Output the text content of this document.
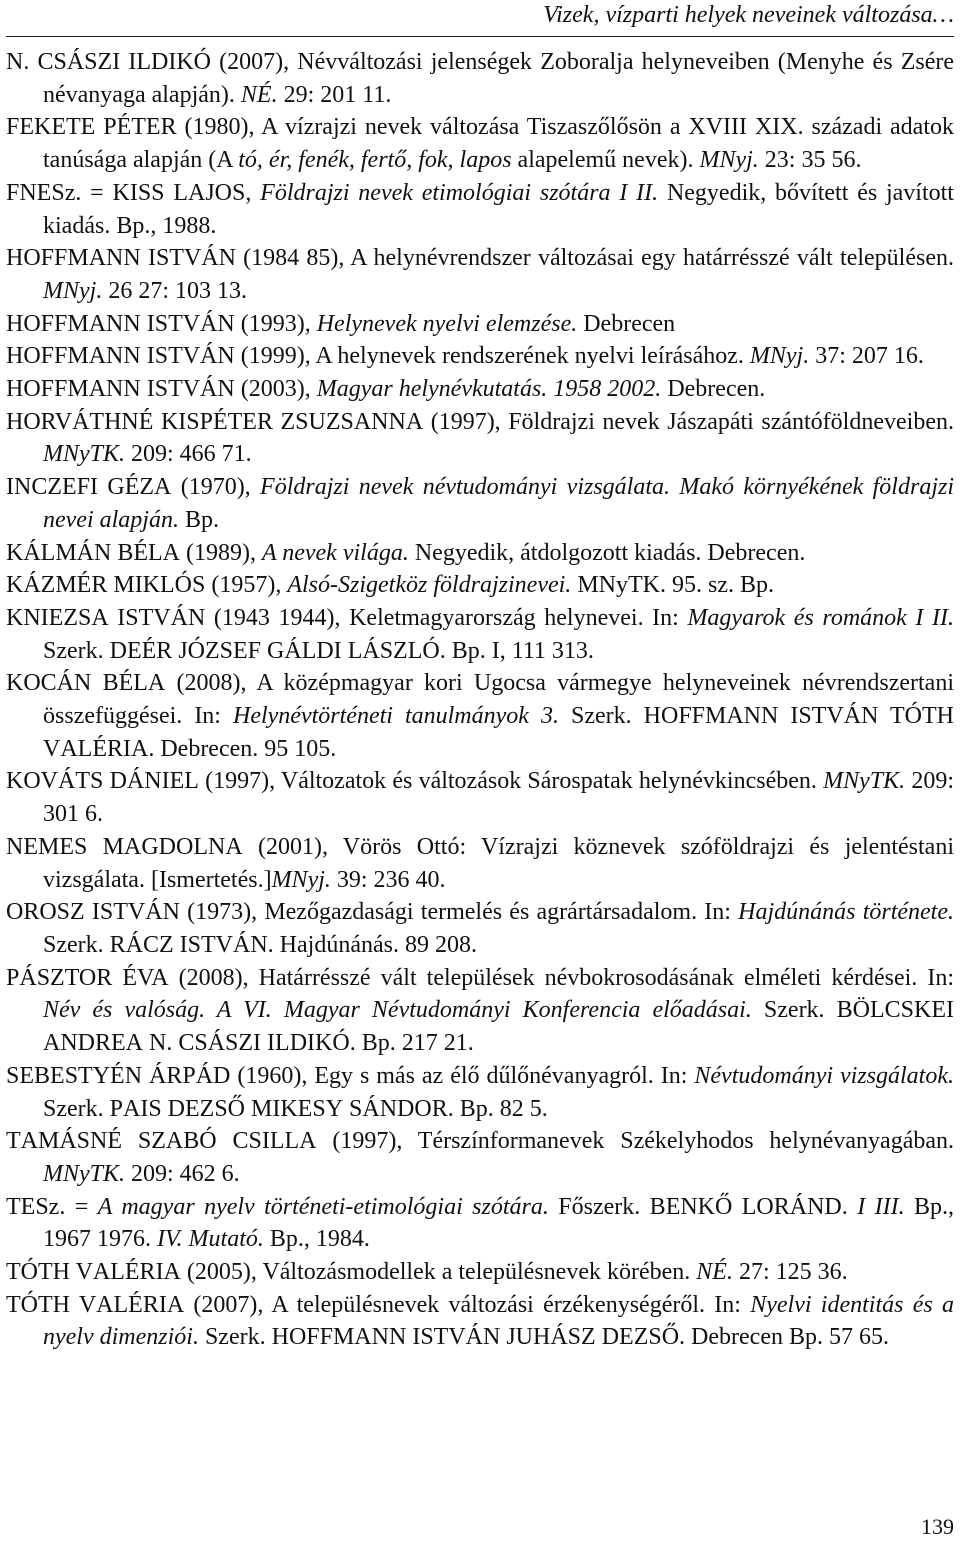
Vizek, vízparti helyek neveinek változása…
N. CSÁSZI ILDIKÓ (2007), Névváltozási jelenségek Zoboralja helyneveiben (Menyhe és Zsére névanyaga alapján). NÉ. 29: 201 11.
FEKETE PÉTER (1980), A vízrajzi nevek változása Tiszaszőlősön a XVIII XIX. századi adatok tanúsága alapján (A tó, ér, fenék, fertő, fok, lapos alapelemű nevek). MNyj. 23: 35 56.
FNESz. = KISS LAJOS, Földrajzi nevek etimológiai szótára I II. Negyedik, bővített és javított kiadás. Bp., 1988.
HOFFMANN ISTVÁN (1984 85), A helynévrendszer változásai egy határrésszé vált településen. MNyj. 26 27: 103 13.
HOFFMANN ISTVÁN (1993), Helynevek nyelvi elemzése. Debrecen
HOFFMANN ISTVÁN (1999), A helynevek rendszerének nyelvi leírásához. MNyj. 37: 207 16.
HOFFMANN ISTVÁN (2003), Magyar helynévkutatás. 1958 2002. Debrecen.
HORVÁTHNÉ KISPÉTER ZSUZSANNA (1997), Földrajzi nevek Jászapáti szántóföldneveiben. MNyTK. 209: 466 71.
INCZEFI GÉZA (1970), Földrajzi nevek névtudományi vizsgálata. Makó környékének földrajzi nevei alapján. Bp.
KÁLMÁN BÉLA (1989), A nevek világa. Negyedik, átdolgozott kiadás. Debrecen.
KÁZMÉR MIKLÓS (1957), Alsó-Szigetköz földrajzinevei. MNyTK. 95. sz. Bp.
KNIEZSA ISTVÁN (1943 1944), Keletmagyarország helynevei. In: Magyarok és románok I II. Szerk. DEÉR JÓZSEF GÁLDI LÁSZLÓ. Bp. I, 111 313.
KOCÁN BÉLA (2008), A középmagyar kori Ugocsa vármegye helyneveinek névrendszertani összefüggései. In: Helynévtörténeti tanulmányok 3. Szerk. HOFFMANN ISTVÁN TÓTH VALÉRIA. Debrecen. 95 105.
KOVÁTS DÁNIEL (1997), Változatok és változások Sárospatak helynévkincsében. MNyTK. 209: 301 6.
NEMES MAGDOLNA (2001), Vörös Ottó: Vízrajzi köznevek szóföldrajzi és jelentéstani vizsgálata. [Ismertetés.]MNyj. 39: 236 40.
OROSZ ISTVÁN (1973), Mezőgazdasági termelés és agrártársadalom. In: Hajdúnánás története. Szerk. RÁCZ ISTVÁN. Hajdúnánás. 89 208.
PÁSZTOR ÉVA (2008), Határrésszé vált települések névbokrosodásának elméleti kérdései. In: Név és valóság. A VI. Magyar Névtudományi Konferencia előadásai. Szerk. BÖLCSKEI ANDREA N. CSÁSZI ILDIKÓ. Bp. 217 21.
SEBESTYÉN ÁRPÁD (1960), Egy s más az élő dűlőnévanyagról. In: Névtudományi vizsgálatok. Szerk. PAIS DEZSŐ MIKESY SÁNDOR. Bp. 82 5.
TAMÁSNÉ SZABÓ CSILLA (1997), Térszínformanevek Székelyhodos helynévanyagában. MNyTK. 209: 462 6.
TESz. = A magyar nyelv történeti-etimológiai szótára. Főszerk. BENKŐ LORÁND. I III. Bp., 1967 1976. IV. Mutató. Bp., 1984.
TÓTH VALÉRIA (2005), Változásmodellek a településnevek körében. NÉ. 27: 125 36.
TÓTH VALÉRIA (2007), A településnevek változási érzékenységéről. In: Nyelvi identitás és a nyelv dimenziói. Szerk. HOFFMANN ISTVÁN JUHÁSZ DEZSŐ. Debrecen Bp. 57 65.
139
